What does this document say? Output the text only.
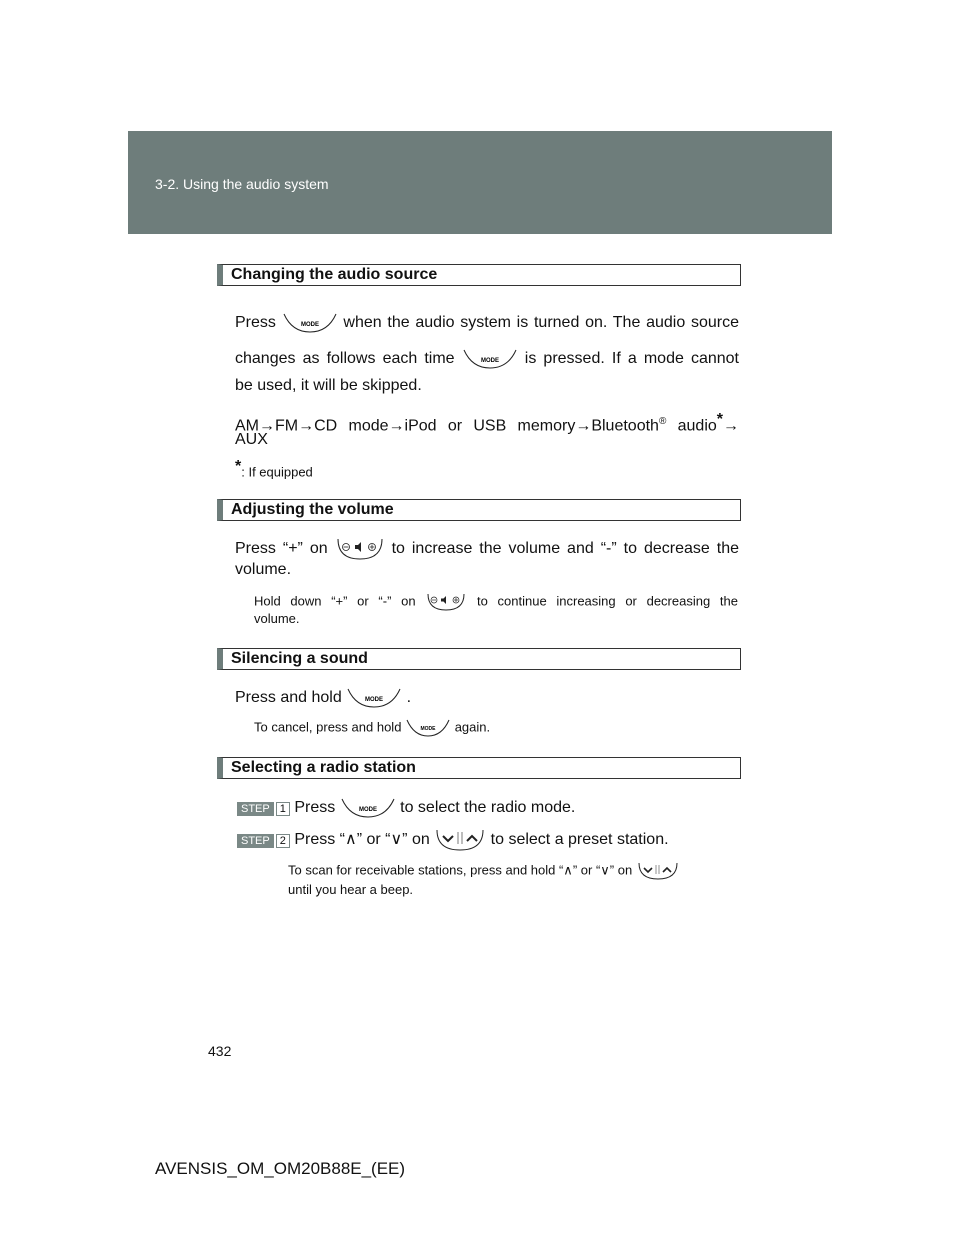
3-2. Using the audio system
Changing the audio source
Press	MODE when the audio system is turned on. The audio source
changes as follows each time	MODE is pressed. If a mode cannot
be used, it will be skipped.
AM→FM→CD mode→iPod or USB memory→Bluetooth® audio*→
AUX
*: If equipped
Adjusting the volume
Press “+” on	to increase the volume and “-” to decrease the
volume.
Hold down “+” or “-” on	to continue increasing or decreasing the
volume.
Silencing a sound
Press and hold	MODE .
To cancel, press and hold	MODE again.
Selecting a radio station
STEP 1 Press	MODE to select the radio mode.
STEP 2 Press “∧” or “∨” on	to select a preset station.
To scan for receivable stations, press and hold “∧” or “∨” on
until you hear a beep.
432
AVENSIS_OM_OM20B88E_(EE)
